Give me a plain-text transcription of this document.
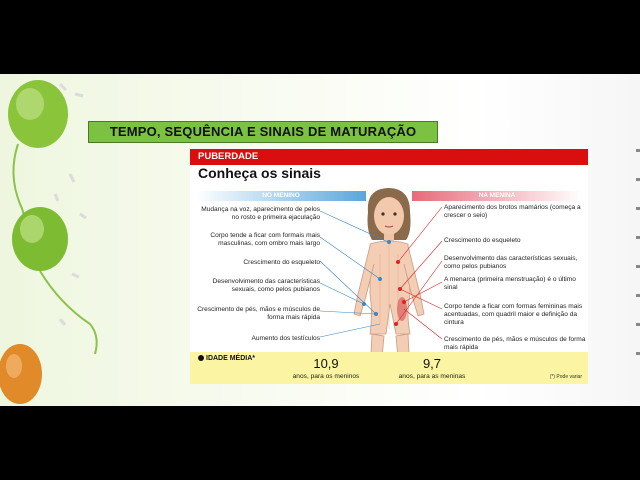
TEMPO, SEQUÊNCIA E SINAIS DE MATURAÇÃO
PUBERDADE
Conheça os sinais
NO MENINO	NA MENINA
Mudança na voz, aparecimento de pelos no rosto e primeira ejaculação
Corpo tende a ficar com formais mais masculinas, com ombro mais largo
Crescimento do esqueleto
Desenvolvimento das características sexuais, como pelos pubianos
Crescimento de pés, mãos e músculos de forma mais rápida
Aumento dos testículos
Aparecimento dos brotos mamários (começa a crescer o seio)
Crescimento do esqueleto
Desenvolvimento das características sexuais, como pelos pubianos
A menarca (primeira menstruação) é o último sinal
Corpo tende a ficar com formas femininas mais acentuadas, com quadril maior e definição da cintura
Crescimento de pés, mãos e músculos de forma mais rápida
IDADE MÉDIA*	10,9
anos, para os meninos
9,7
anos, para as meninas	(*) Pode variar
